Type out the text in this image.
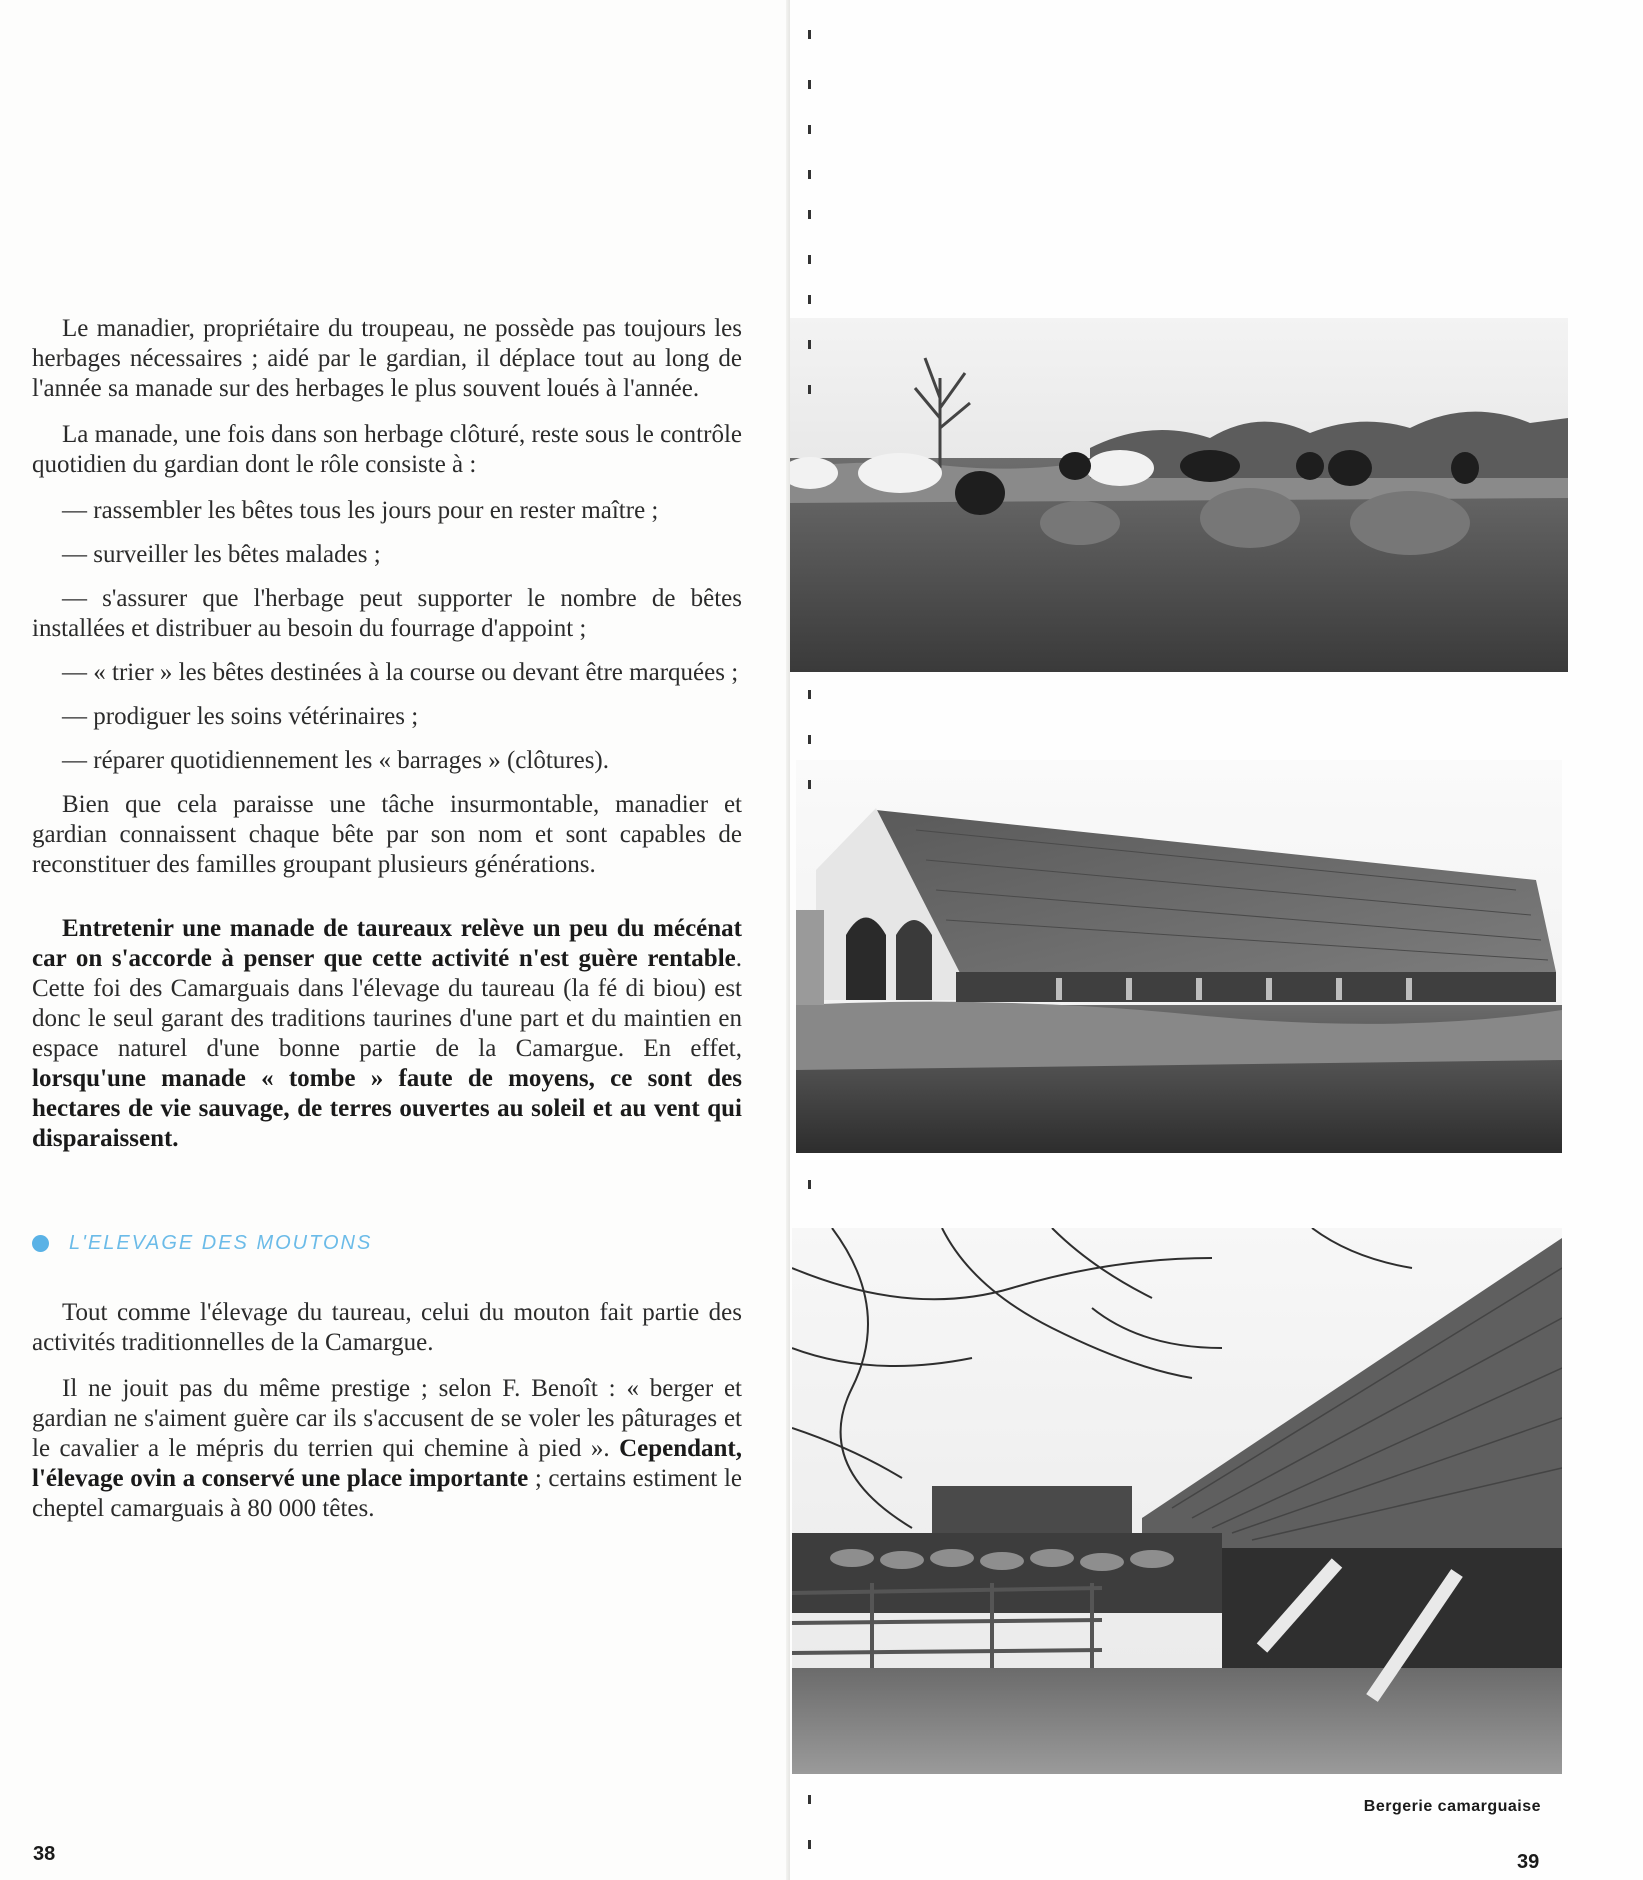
Le manadier, propriétaire du troupeau, ne possède pas toujours les herbages nécessaires ; aidé par le gardian, il déplace tout au long de l'année sa manade sur des herbages le plus souvent loués à l'année.

La manade, une fois dans son herbage clôturé, reste sous le contrôle quotidien du gardian dont le rôle consiste à :

— rassembler les bêtes tous les jours pour en rester maître ;

— surveiller les bêtes malades ;

— s'assurer que l'herbage peut supporter le nombre de bêtes installées et distribuer au besoin du fourrage d'appoint ;

— « trier » les bêtes destinées à la course ou devant être marquées ;

— prodiguer les soins vétérinaires ;

— réparer quotidiennement les « barrages » (clôtures).

Bien que cela paraisse une tâche insurmontable, manadier et gardian connaissent chaque bête par son nom et sont capables de reconstituer des familles groupant plusieurs générations.

Entretenir une manade de taureaux relève un peu du mécénat car on s'accorde à penser que cette activité n'est guère rentable. Cette foi des Camarguais dans l'élevage du taureau (la fé di biou) est donc le seul garant des traditions taurines d'une part et du maintien en espace naturel d'une bonne partie de la Camargue. En effet, lorsqu'une manade « tombe » faute de moyens, ce sont des hectares de vie sauvage, de terres ouvertes au soleil et au vent qui disparaissent.

L'ELEVAGE DES MOUTONS

Tout comme l'élevage du taureau, celui du mouton fait partie des activités traditionnelles de la Camargue.

Il ne jouit pas du même prestige ; selon F. Benoît : « berger et gardian ne s'aiment guère car ils s'accusent de se voler les pâturages et le cavalier a le mépris du terrien qui chemine à pied ». Cependant, l'élevage ovin a conservé une place importante ; certains estiment le cheptel camarguais à 80 000 têtes.

38
Bergerie camarguaise
39
